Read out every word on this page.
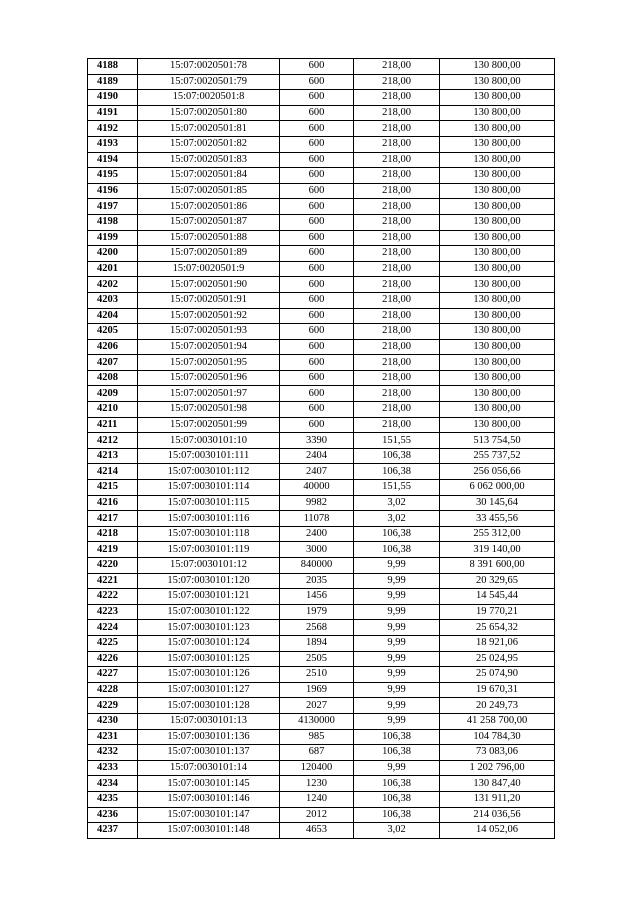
4188	15:07:0020501:78	600	218,00	130 800,00
4189	15:07:0020501:79	600	218,00	130 800,00
4190	15:07:0020501:8	600	218,00	130 800,00
4191	15:07:0020501:80	600	218,00	130 800,00
4192	15:07:0020501:81	600	218,00	130 800,00
4193	15:07:0020501:82	600	218,00	130 800,00
4194	15:07:0020501:83	600	218,00	130 800,00
4195	15:07:0020501:84	600	218,00	130 800,00
4196	15:07:0020501:85	600	218,00	130 800,00
4197	15:07:0020501:86	600	218,00	130 800,00
4198	15:07:0020501:87	600	218,00	130 800,00
4199	15:07:0020501:88	600	218,00	130 800,00
4200	15:07:0020501:89	600	218,00	130 800,00
4201	15:07:0020501:9	600	218,00	130 800,00
4202	15:07:0020501:90	600	218,00	130 800,00
4203	15:07:0020501:91	600	218,00	130 800,00
4204	15:07:0020501:92	600	218,00	130 800,00
4205	15:07:0020501:93	600	218,00	130 800,00
4206	15:07:0020501:94	600	218,00	130 800,00
4207	15:07:0020501:95	600	218,00	130 800,00
4208	15:07:0020501:96	600	218,00	130 800,00
4209	15:07:0020501:97	600	218,00	130 800,00
4210	15:07:0020501:98	600	218,00	130 800,00
4211	15:07:0020501:99	600	218,00	130 800,00
4212	15:07:0030101:10	3390	151,55	513 754,50
4213	15:07:0030101:111	2404	106,38	255 737,52
4214	15:07:0030101:112	2407	106,38	256 056,66
4215	15:07:0030101:114	40000	151,55	6 062 000,00
4216	15:07:0030101:115	9982	3,02	30 145,64
4217	15:07:0030101:116	11078	3,02	33 455,56
4218	15:07:0030101:118	2400	106,38	255 312,00
4219	15:07:0030101:119	3000	106,38	319 140,00
4220	15:07:0030101:12	840000	9,99	8 391 600,00
4221	15:07:0030101:120	2035	9,99	20 329,65
4222	15:07:0030101:121	1456	9,99	14 545,44
4223	15:07:0030101:122	1979	9,99	19 770,21
4224	15:07:0030101:123	2568	9,99	25 654,32
4225	15:07:0030101:124	1894	9,99	18 921,06
4226	15:07:0030101:125	2505	9,99	25 024,95
4227	15:07:0030101:126	2510	9,99	25 074,90
4228	15:07:0030101:127	1969	9,99	19 670,31
4229	15:07:0030101:128	2027	9,99	20 249,73
4230	15:07:0030101:13	4130000	9,99	41 258 700,00
4231	15:07:0030101:136	985	106,38	104 784,30
4232	15:07:0030101:137	687	106,38	73 083,06
4233	15:07:0030101:14	120400	9,99	1 202 796,00
4234	15:07:0030101:145	1230	106,38	130 847,40
4235	15:07:0030101:146	1240	106,38	131 911,20
4236	15:07:0030101:147	2012	106,38	214 036,56
4237	15:07:0030101:148	4653	3,02	14 052,06
